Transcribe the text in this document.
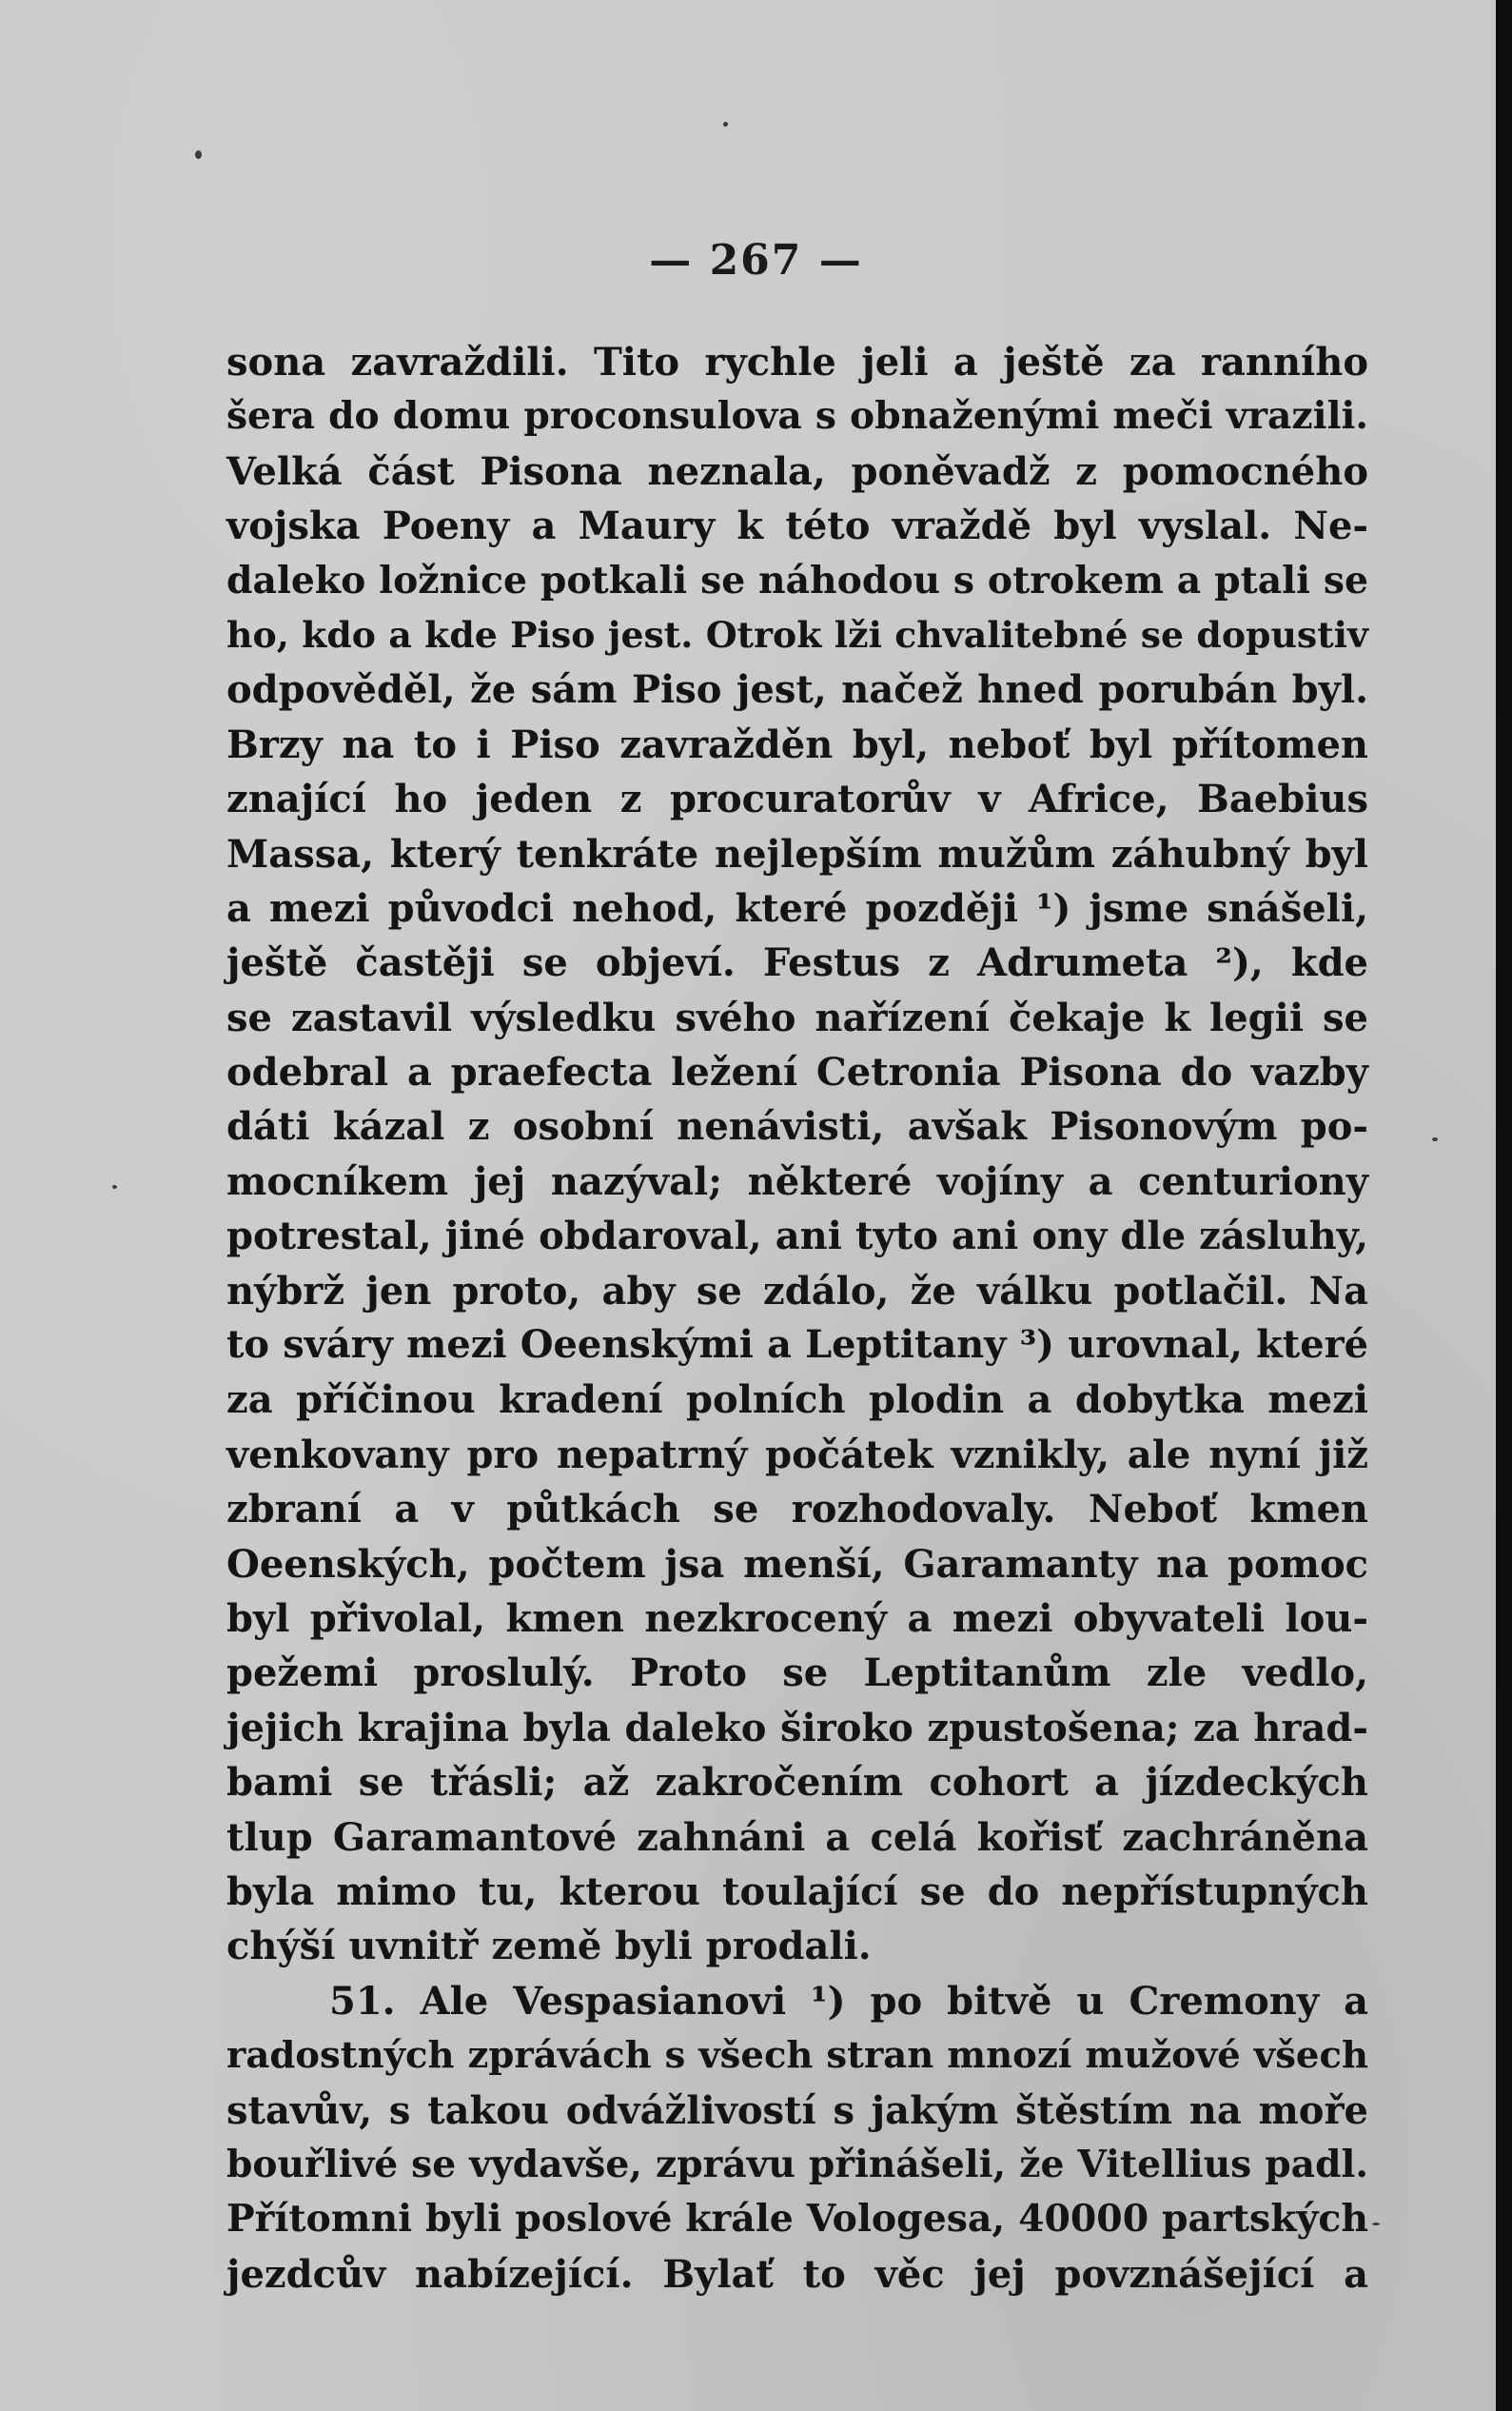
— 267 —
sona zavraždili. Tito rychle jeli a ještě za ranního
šera do domu proconsulova s obnaženými meči vrazili.
Velká část Pisona neznala, poněvadž z pomocného
vojska Poeny a Maury k této vraždě byl vyslal. Ne-
daleko ložnice potkali se náhodou s otrokem a ptali se
ho, kdo a kde Piso jest. Otrok lži chvalitebné se dopustiv
odpověděl, že sám Piso jest, načež hned porubán byl.
Brzy na to i Piso zavražděn byl, neboť byl přítomen
znající ho jeden z procuratorův v Africe, Baebius
Massa, který tenkráte nejlepším mužům záhubný byl
a mezi původci nehod, které později ¹) jsme snášeli,
ještě častěji se objeví. Festus z Adrumeta ²), kde
se zastavil výsledku svého nařízení čekaje k legii se
odebral a praefecta ležení Cetronia Pisona do vazby
dáti kázal z osobní nenávisti, avšak Pisonovým po-
mocníkem jej nazýval; některé vojíny a centuriony
potrestal, jiné obdaroval, ani tyto ani ony dle zásluhy,
nýbrž jen proto, aby se zdálo, že válku potlačil. Na
to sváry mezi Oeenskými a Leptitany ³) urovnal, které
za příčinou kradení polních plodin a dobytka mezi
venkovany pro nepatrný počátek vznikly, ale nyní již
zbraní a v půtkách se rozhodovaly. Neboť kmen
Oeenských, počtem jsa menší, Garamanty na pomoc
byl přivolal, kmen nezkrocený a mezi obyvateli lou-
pežemi proslulý. Proto se Leptitanům zle vedlo,
jejich krajina byla daleko široko zpustošena; za hrad-
bami se třásli; až zakročením cohort a jízdeckých
tlup Garamantové zahnáni a celá kořisť zachráněna
byla mimo tu, kterou toulající se do nepřístupných
chýší uvnitř země byli prodali.
51. Ale Vespasianovi ¹) po bitvě u Cremony a
radostných zprávách s všech stran mnozí mužové všech
stavův, s takou odvážlivostí s jakým štěstím na moře
bouřlivé se vydavše, zprávu přinášeli, že Vitellius padl.
Přítomni byli poslové krále Vologesa, 40000 partských
jezdcův nabízející. Bylať to věc jej povznášející a
